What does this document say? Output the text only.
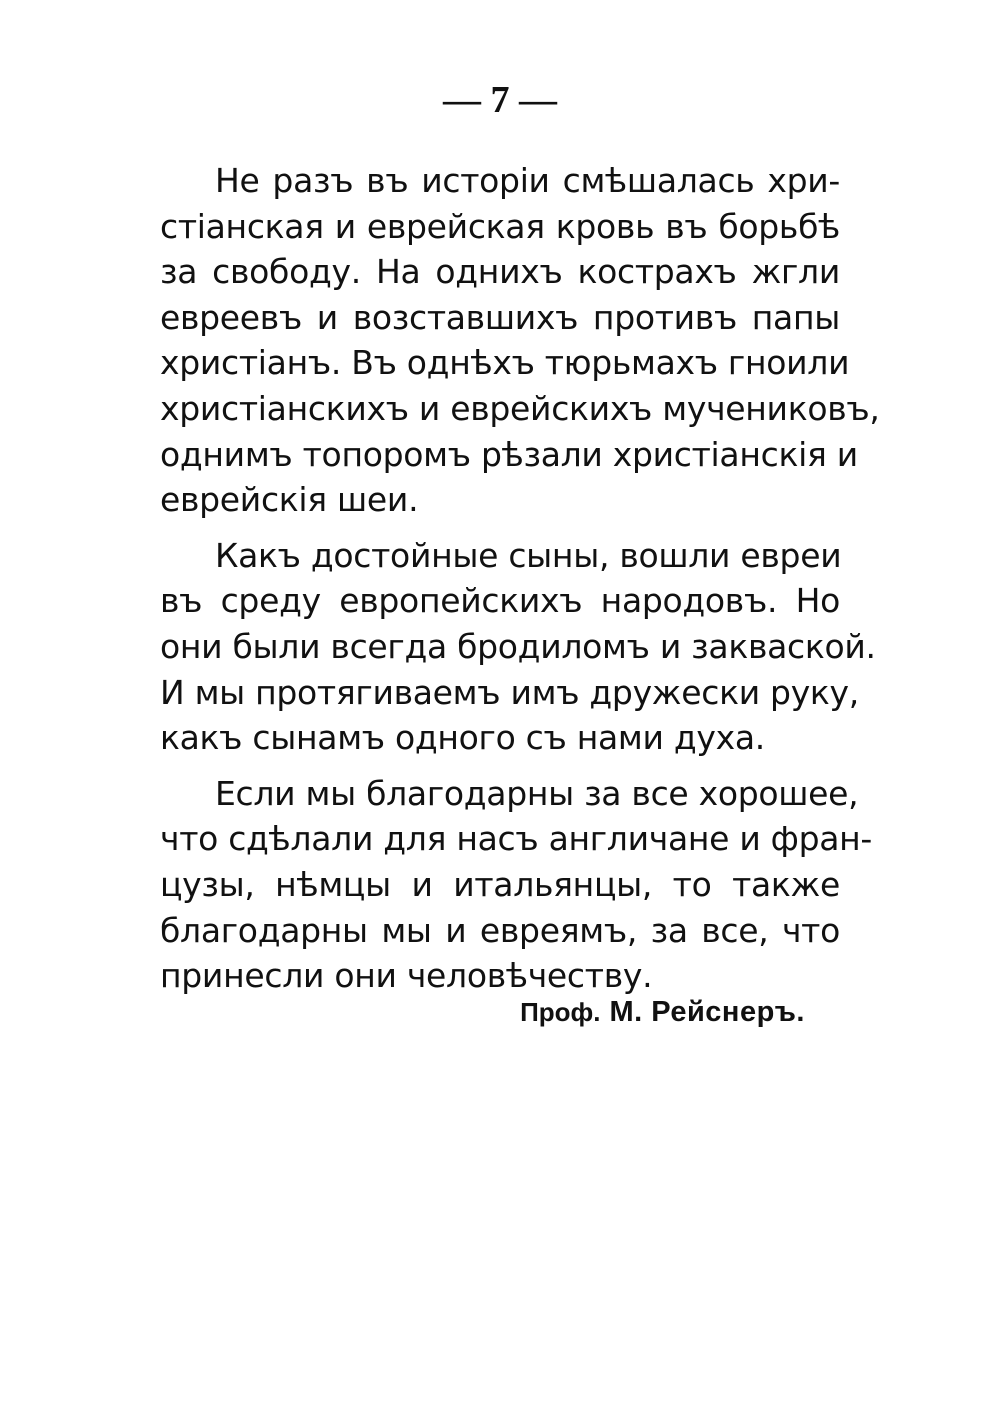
— 7 —
Не разъ въ исторіи смѣшалась хри-
стіанская и еврейская кровь въ борьбѣ
за свободу. На однихъ кострахъ жгли
евреевъ и возставшихъ противъ папы
христіанъ. Въ однѣхъ тюрьмахъ гноили
христіанскихъ и еврейскихъ мучениковъ,
однимъ топоромъ рѣзали христіанскія и
еврейскія шеи.
Какъ достойные сыны, вошли евреи
въ среду европейскихъ народовъ. Но
они были всегда бродиломъ и закваской.
И мы протягиваемъ имъ дружески руку,
какъ сынамъ одного съ нами духа.
Если мы благодарны за все хорошее,
что сдѣлали для насъ англичане и фран-
цузы, нѣмцы и итальянцы, то также
благодарны мы и евреямъ, за все, что
принесли они человѣчеству.
Проф. М. Рейснеръ.
